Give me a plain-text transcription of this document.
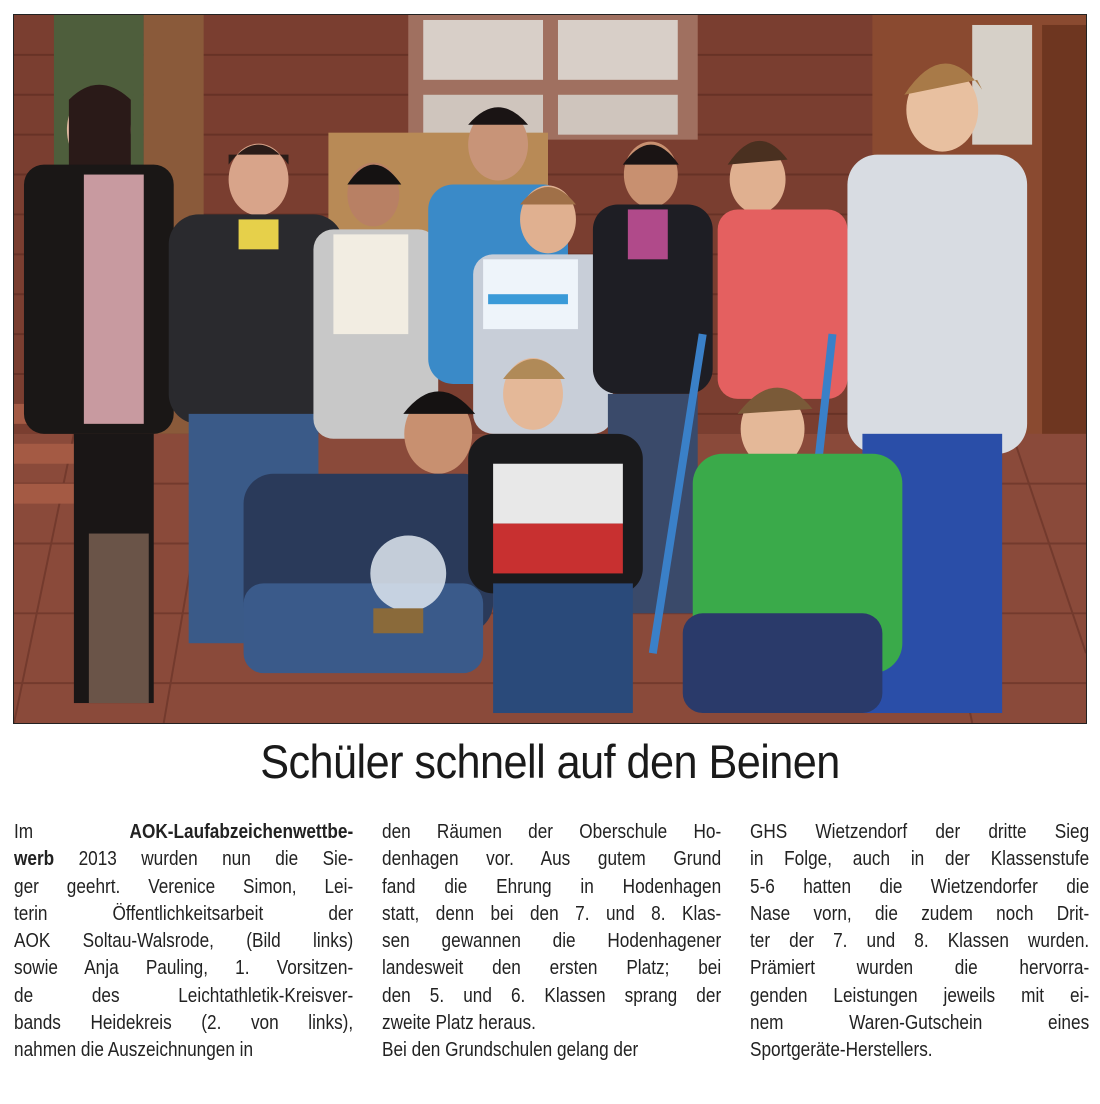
Schüler schnell auf den Beinen
Im AOK-Laufabzeichenwettbe-
werb 2013 wurden nun die Sie-
ger geehrt. Verenice Simon, Lei-
terin Öffentlichkeitsarbeit der
AOK Soltau-Walsrode, (Bild links)
sowie Anja Pauling, 1. Vorsitzen-
de des Leichtathletik-Kreisver-
bands Heidekreis (2. von links),
nahmen die Auszeichnungen in
den Räumen der Oberschule Ho-
denhagen vor. Aus gutem Grund
fand die Ehrung in Hodenhagen
statt, denn bei den 7. und 8. Klas-
sen gewannen die Hodenhagener
landesweit den ersten Platz; bei
den 5. und 6. Klassen sprang der
zweite Platz heraus.
Bei den Grundschulen gelang der
GHS Wietzendorf der dritte Sieg
in Folge, auch in der Klassenstufe
5-6 hatten die Wietzendorfer die
Nase vorn, die zudem noch Drit-
ter der 7. und 8. Klassen wurden.
Prämiert wurden die hervorra-
genden Leistungen jeweils mit ei-
nem Waren-Gutschein eines
Sportgeräte-Herstellers.
